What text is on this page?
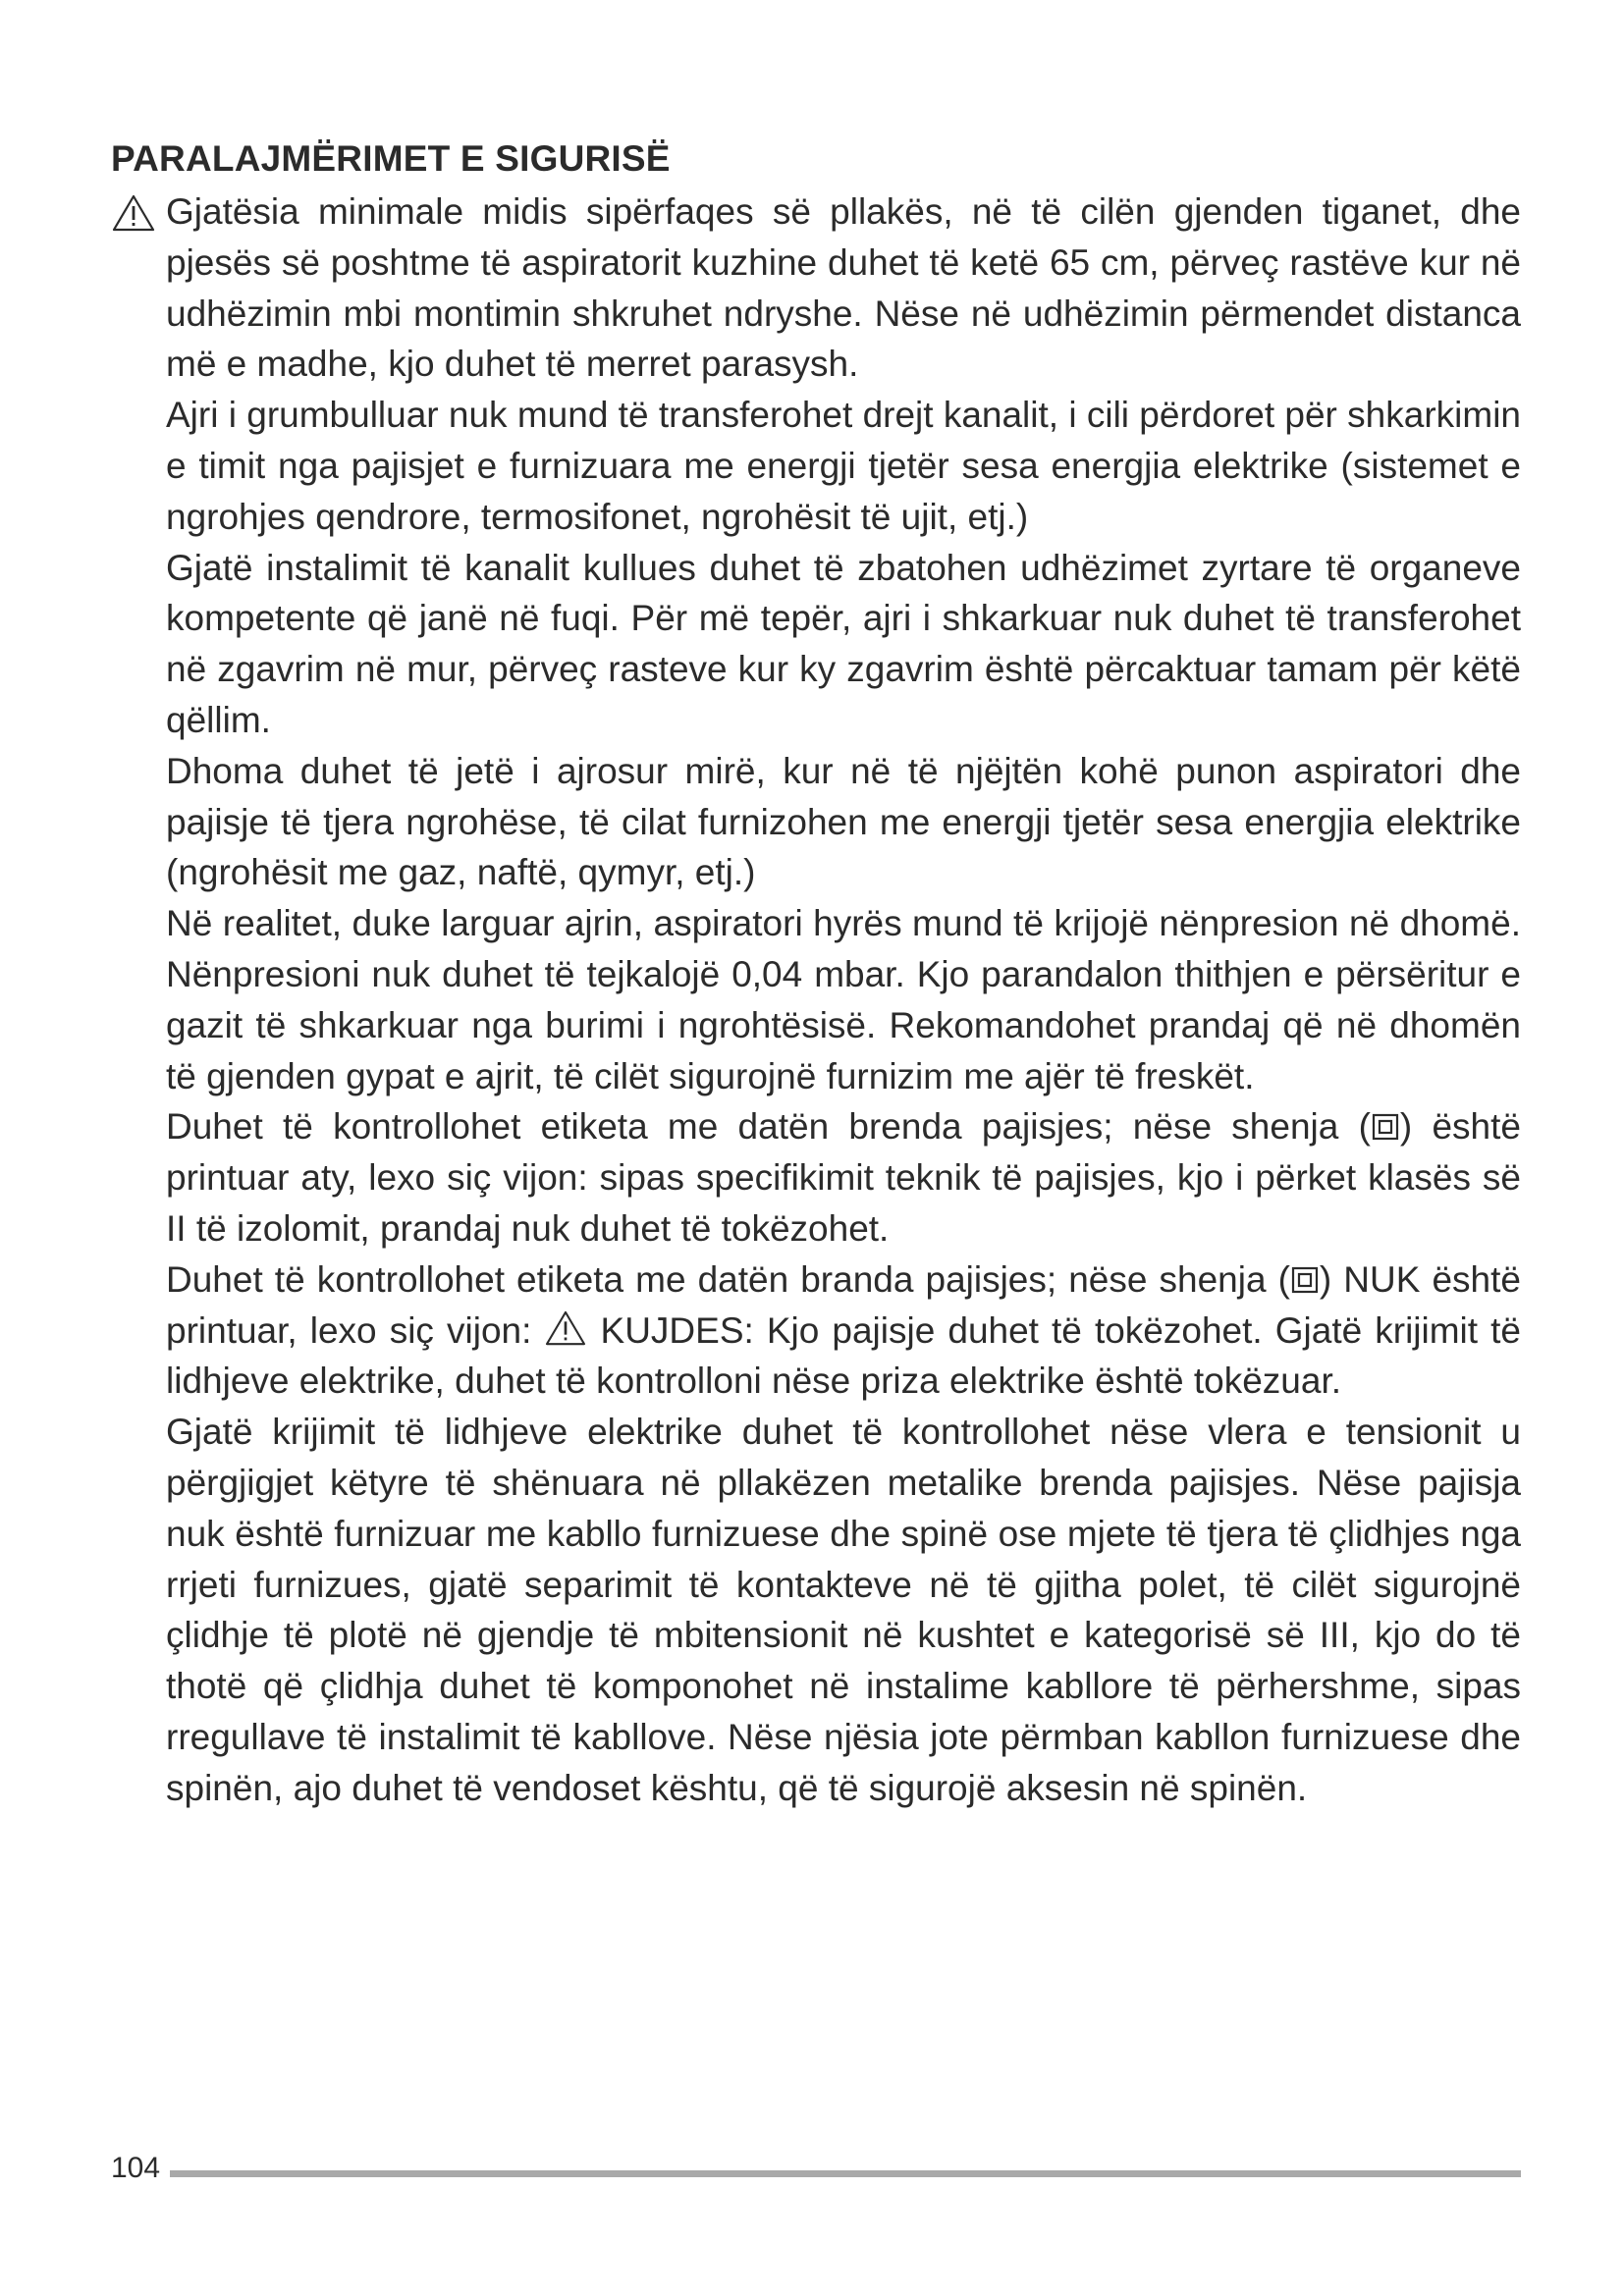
PARALAJMËRIMET E SIGURISË

Gjatësia minimale midis sipërfaqes së pllakës, në të cilën gjenden tiganet, dhe pjesës së poshtme të aspiratorit kuzhine duhet të ketë 65 cm, përveç rastëve kur në udhëzimin mbi montimin shkruhet ndryshe. Nëse në udhëzimin përmendet distanca më e madhe, kjo duhet të merret parasysh.

Ajri i grumbulluar nuk mund të transferohet drejt kanalit, i cili përdoret për shkarkimin e timit nga pajisjet e furnizuara me energji tjetër sesa energjia elektrike (sistemet e ngrohjes qendrore, termosifonet, ngrohësit të ujit, etj.)

Gjatë instalimit të kanalit kullues duhet të zbatohen udhëzimet zyrtare të organeve kompetente që janë në fuqi. Për më tepër, ajri i shkarkuar nuk duhet të transferohet në zgavrim në mur, përveç rasteve kur ky zgavrim është përcaktuar tamam për këtë qëllim.

Dhoma duhet të jetë i ajrosur mirë, kur në të njëjtën kohë punon aspiratori dhe pajisje të tjera ngrohëse, të cilat furnizohen me energji tjetër sesa energjia elektrike (ngrohësit me gaz, naftë, qymyr, etj.)

Në realitet, duke larguar ajrin, aspiratori hyrës mund të krijojë nënpresion në dhomë. Nënpresioni nuk duhet të tejkalojë 0,04 mbar. Kjo parandalon thithjen e përsëritur e gazit të shkarkuar nga burimi i ngrohtësisë. Rekomandohet prandaj që në dhomën të gjenden gypat e ajrit, të cilët sigurojnë furnizim me ajër të freskët.

Duhet të kontrollohet etiketa me datën brenda pajisjes; nëse shenja ( ) është printuar aty, lexo siç vijon: sipas specifikimit teknik të pajisjes, kjo i përket klasës së II të izolomit, prandaj nuk duhet të tokëzohet.

Duhet të kontrollohet etiketa me datën branda pajisjes; nëse shenja ( ) NUK është printuar, lexo siç vijon:  KUJDES: Kjo pajisje duhet të tokëzohet. Gjatë krijimit të lidhjeve elektrike, duhet të kontrolloni nëse priza elektrike është tokëzuar.

Gjatë krijimit të lidhjeve elektrike duhet të kontrollohet nëse vlera e tensionit u përgjigjet këtyre të shënuara në pllakëzen metalike brenda pajisjes. Nëse pajisja nuk është furnizuar me kabllo furnizuese dhe spinë ose mjete të tjera të çlidhjes nga rrjeti furnizues, gjatë separimit të kontakteve në të gjitha polet, të cilët sigurojnë çlidhje të plotë në gjendje të mbitensionit në kushtet e kategorisë së III, kjo do të thotë që çlidhja duhet të komponohet në instalime kabllore të përhershme, sipas rregullave të instalimit të kabllove. Nëse njësia jote përmban kabllon furnizuese dhe spinën, ajo duhet të vendoset kështu, që të sigurojë aksesin në spinën.

104
